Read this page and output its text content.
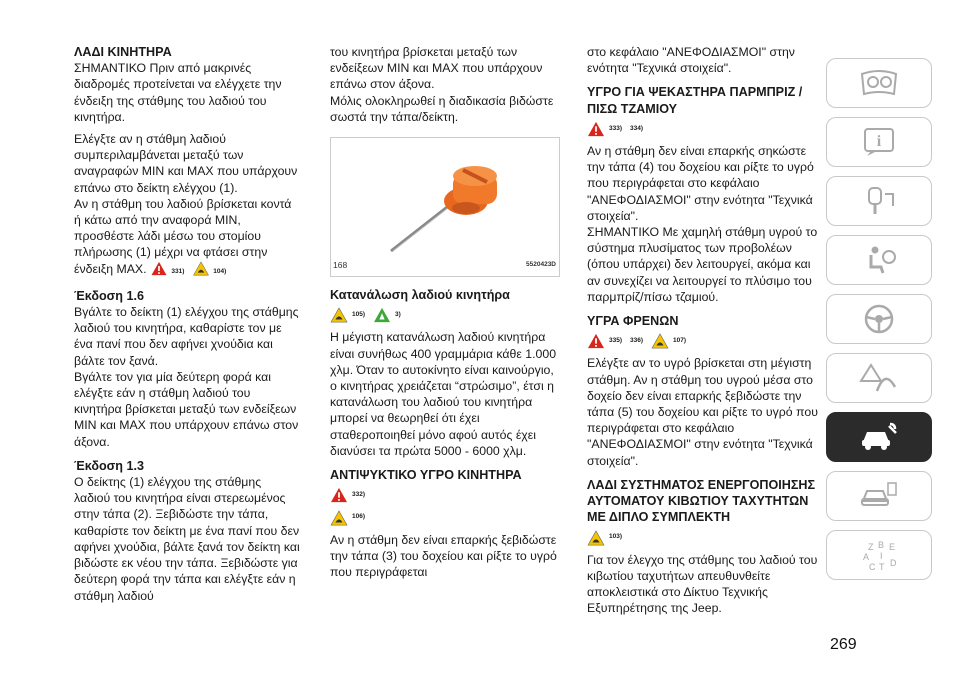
ΛΑΔΙ ΚΙΝΗΤΗΡΑ

ΣΗΜΑΝΤΙΚΟ Πριν από μακρινές διαδρομές προτείνεται να ελέγχετε την ένδειξη της στάθμης του λαδιού του κινητήρα.

Ελέγξτε αν η στάθμη λαδιού συμπεριλαμβάνεται μεταξύ των αναγραφών MIN και MAX που υπάρχουν επάνω στο δείκτη ελέγχου (1).

Αν η στάθμη του λαδιού βρίσκεται κοντά ή κάτω από την αναφορά MIN, προσθέστε λάδι μέσω του στομίου πλήρωσης (1) μέχρι να φτάσει στην ένδειξη MAX.	331)	104)

Έκδοση 1.6

Βγάλτε το δείκτη (1) ελέγχου της στάθμης λαδιού του κινητήρα, καθαρίστε τον με ένα πανί που δεν αφήνει χνούδια και βάλτε τον ξανά.

Βγάλτε τον για μία δεύτερη φορά και ελέγξτε εάν η στάθμη λαδιού του κινητήρα βρίσκεται μεταξύ των ενδείξεων MIN και MAX που υπάρχουν επάνω στον άξονα.

Έκδοση 1.3

Ο δείκτης (1) ελέγχου της στάθμης λαδιού του κινητήρα είναι στερεωμένος στην τάπα (2). Ξεβιδώστε την τάπα, καθαρίστε τον δείκτη με ένα πανί που δεν αφήνει χνούδια, βάλτε ξανά τον δείκτη και βιδώστε εκ νέου την τάπα. Ξεβιδώστε για δεύτερη φορά την τάπα και ελέγξτε εάν η στάθμη λαδιού

του κινητήρα βρίσκεται μεταξύ των ενδείξεων MIN και MAX που υπάρχουν επάνω στον άξονα.

Μόλις ολοκληρωθεί η διαδικασία βιδώστε σωστά την τάπα/δείκτη.

168	5520423D

Κατανάλωση λαδιού κινητήρα

105)	3)

Η μέγιστη κατανάλωση λαδιού κινητήρα είναι συνήθως 400 γραμμάρια κάθε 1.000 χλμ. Όταν το αυτοκίνητο είναι καινούργιο, ο κινητήρας χρειάζεται “στρώσιμο”, έτσι η κατανάλωση του λαδιού του κινητήρα μπορεί να θεωρηθεί ότι έχει σταθεροποιηθεί μόνο αφού αυτός έχει διανύσει τα πρώτα 5000 - 6000 χλμ.

ΑΝΤΙΨΥΚΤΙΚΟ ΥΓΡΟ ΚΙΝΗΤΗΡΑ

332)
106)

Αν η στάθμη δεν είναι επαρκής ξεβιδώστε την τάπα (3) του δοχείου και ρίξτε το υγρό που περιγράφεται

στο κεφάλαιο "ΑΝΕΦΟΔΙΑΣΜΟΙ" στην ενότητα "Τεχνικά στοιχεία".

ΥΓΡΟ ΓΙΑ ΨΕΚΑΣΤΗΡΑ ΠΑΡΜΠΡΙΖ / ΠΙΣΩ ΤΖΑΜΙΟΥ

333) 334)

Αν η στάθμη δεν είναι επαρκής σηκώστε την τάπα (4) του δοχείου και ρίξτε το υγρό που περιγράφεται στο κεφάλαιο "ΑΝΕΦΟΔΙΑΣΜΟΙ" στην ενότητα "Τεχνικά στοιχεία".

ΣΗΜΑΝΤΙΚΟ Με χαμηλή στάθμη υγρού το σύστημα πλυσίματος των προβολέων (όπου υπάρχει) δεν λειτουργεί, ακόμα και αν συνεχίζει να λειτουργεί το πλύσιμο του παρμπρίζ/πίσω τζαμιού.

ΥΓΡΑ ΦΡΕΝΩΝ

335) 336)	107)

Ελέγξτε αν το υγρό βρίσκεται στη μέγιστη στάθμη. Αν η στάθμη του υγρού μέσα στο δοχείο δεν είναι επαρκής ξεβιδώστε την τάπα (5) του δοχείου και ρίξτε το υγρό που περιγράφεται στο κεφάλαιο "ΑΝΕΦΟΔΙΑΣΜΟΙ" στην ενότητα "Τεχνικά στοιχεία".

ΛΑΔΙ ΣΥΣΤΗΜΑΤΟΣ ΕΝΕΡΓΟΠΟΙΗΣΗΣ ΑΥΤΟΜΑΤΟΥ ΚΙΒΩΤΙΟΥ ΤΑΧΥΤΗΤΩΝ ΜΕ ΔΙΠΛΟ ΣΥΜΠΛΕΚΤΗ

103)

Για τον έλεγχο της στάθμης του λαδιού του κιβωτίου ταχυτήτων απευθυνθείτε αποκλειστικά στο Δίκτυο Τεχνικής Εξυπηρέτησης της Jeep.

i
Z B E
A I
C T D
269
